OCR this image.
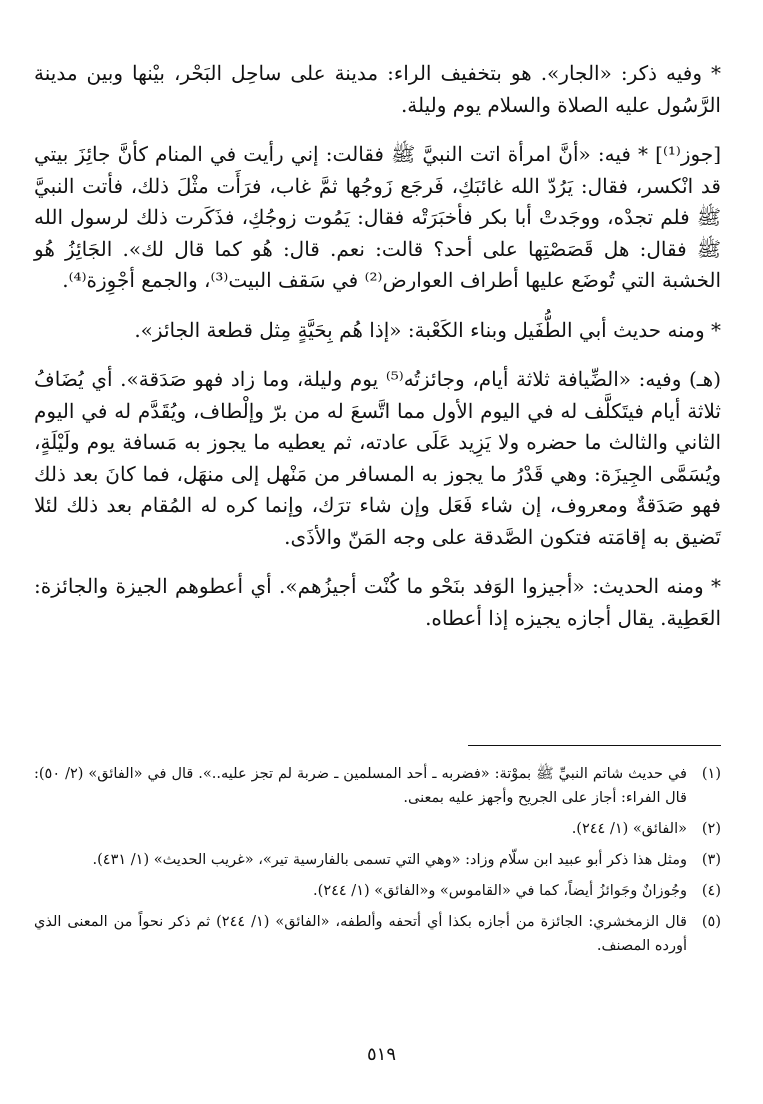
* وفيه ذكر: «الجار». هو بتخفيف الراء: مدينة على ساحِل البَحْر، بيْنها وبين مدينة الرَّسُول عليه الصلاة والسلام يوم وليلة.

[جوز⁽¹⁾] * فيه: «أنَّ امرأة اتت النبيَّ ﷺ فقالت: إني رأيت في المنام كأنَّ جائِزَ بيتي قد انْكسر، فقال: يَرُدّ الله غائبَكِ، فَرجَع زَوجُها ثمَّ غاب، فرَأَت مثْلَ ذلك، فأتت النبيَّ ﷺ فلم تجدْه، ووجَدتْ أبا بكر فأخبَرَتْه فقال: يَمُوت زوجُكِ، فذَكَرت ذلك لرسول الله ﷺ فقال: هل قَصَصْتِها على أحد؟ قالت: نعم. قال: هُو كما قال لك». الجَائِزُ هُو الخشبة التي تُوضَع عليها أطراف العوارض⁽²⁾ في سَقف البيت⁽³⁾، والجمع أجْوِزة⁽⁴⁾.

* ومنه حديث أبي الطُّفَيل وبناء الكَعْبة: «إذا هُم بِحَيَّةٍ مِثل قطعة الجائز».

(هـ) وفيه: «الضِّيافة ثلاثة أيام، وجائزتُه⁽⁵⁾ يوم وليلة، وما زاد فهو صَدَقة». أي يُضَافُ ثلاثة أيام فيتَكلَّف له في اليوم الأول مما اتَّسعَ له من برّ وإلْطاف، ويُقَدَّم له في اليوم الثاني والثالث ما حضره ولا يَزِيد عَلَى عادته، ثم يعطيه ما يجوز به مَسافة يوم ولَيْلَةٍ، ويُسَمَّى الجِيزَة: وهي قَدْرُ ما يجوز به المسافر من مَنْهل إلى منهَل، فما كانَ بعد ذلك فهو صَدَقةٌ ومعروف، إن شاء فَعَل وإن شاء ترَك، وإنما كره له المُقام بعد ذلك لئلا تَضيق به إقامَته فتكون الصَّدقة على وجه المَنّ والأذَى.

* ومنه الحديث: «أجيزوا الوَفد بنَحْو ما كُنْت أجيزُهم». أي أعطوهم الجيزة والجائزة: العَطِية. يقال أجازه يجيزه إذا أعطاه.

(١)
في حديث شاتم النبيِّ ﷺ بموْتة: «فضربه ـ أحد المسلمين ـ ضربة لم تجز عليه..». قال في «الفائق» (٢/ ٥٠): قال الفراء: أجاز على الجريح وأجهز عليه بمعنى.
(٢)
«الفائق» (١/ ٢٤٤).
(٣)
ومثل هذا ذكر أبو عبيد ابن سلّام وزاد: «وهي التي تسمى بالفارسية تير»، «غريب الحديث» (١/ ٤٣١).
(٤)
وجُوزانٌ وجَوائزُ أيضاً، كما في «القاموس» و«الفائق» (١/ ٢٤٤).
(٥)
قال الزمخشري: الجائزة من أجازه بكذا أي أتحفه وألطفه، «الفائق» (١/ ٢٤٤) ثم ذكر نحواً من المعنى الذي أورده المصنف.
٥١٩
